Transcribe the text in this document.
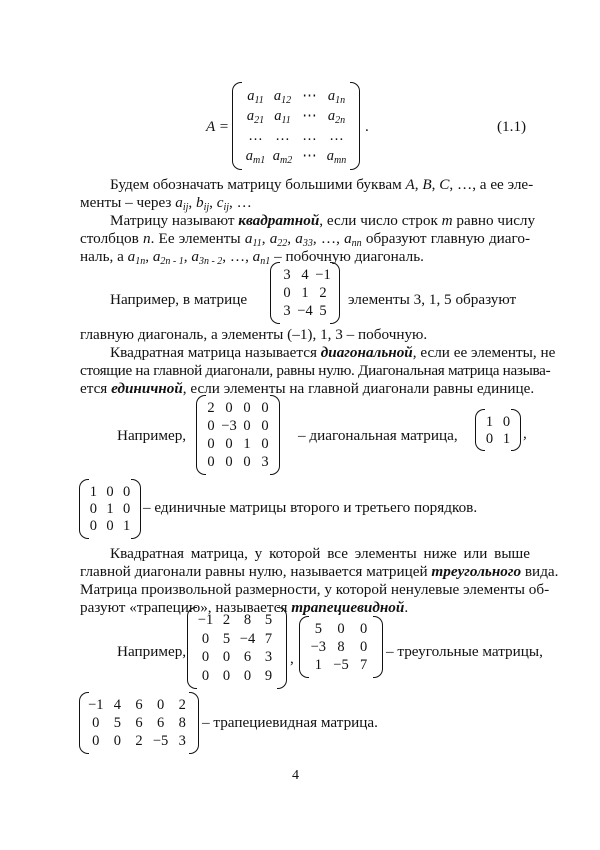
A =
$a_{11}$ $a_{12}$ ⋯ $a_{1n}$
$a_{21}$ $a_{11}$ ⋯ $a_{2n}$
… … … …
$a_{m1}$ $a_{m2}$ ⋯ $a_{mn}$
.	(1.1)
Будем обозначать матрицу большими буквам A, B, C, …, а ее эле-
менты – через $a_{ij}$, $b_{ij}$, $c_{ij}$, …
Матрицу называют квадратной, если число строк m равно числу
столбцов n. Ее элементы $a_{11}$, $a_{22}$, $a_{33}$, …, $a_{nn}$ образуют главную диаго-
наль, а $a_{1n}$, $a_{2n - 1}$, $a_{3n - 2}$, …, $a_{n1}$ – побочную диагональ.
Например, в матрице
3 4 −1
0 1 2
3 −4 5
элементы 3, 1, 5 образуют
главную диагональ, а элементы (–1), 1, 3 – побочную.
Квадратная матрица называется диагональной, если ее элементы, не
стоящие на главной диагонали, равны нулю. Диагональная матрица называ-
ется единичной, если элементы на главной диагонали равны единице.
Например,
2 0 0 0
0 −3 0 0
0 0 1 0
0 0 0 3
– диагональная матрица,
1 0
0 1 ,
1 0 0
0 1 0
0 0 1
– единичные матрицы второго и третьего порядков.
Квадратная матрица, у которой все элементы ниже или выше
главной диагонали равны нулю, называется матрицей треугольного вида.
Матрица произвольной размерности, у которой ненулевые элементы об-
разуют «трапецию», называется трапециевидной.
Например,
−1 2 8 5
0 5 −4 7
0 0 6 3
0 0 0 9
,
5	0	0
−3 8	0
1 −5 7
– треугольные матрицы,
−1 4 6 0 2
0 5 6 6 8
0 0 2 −5 3
– трапециевидная матрица.
4
